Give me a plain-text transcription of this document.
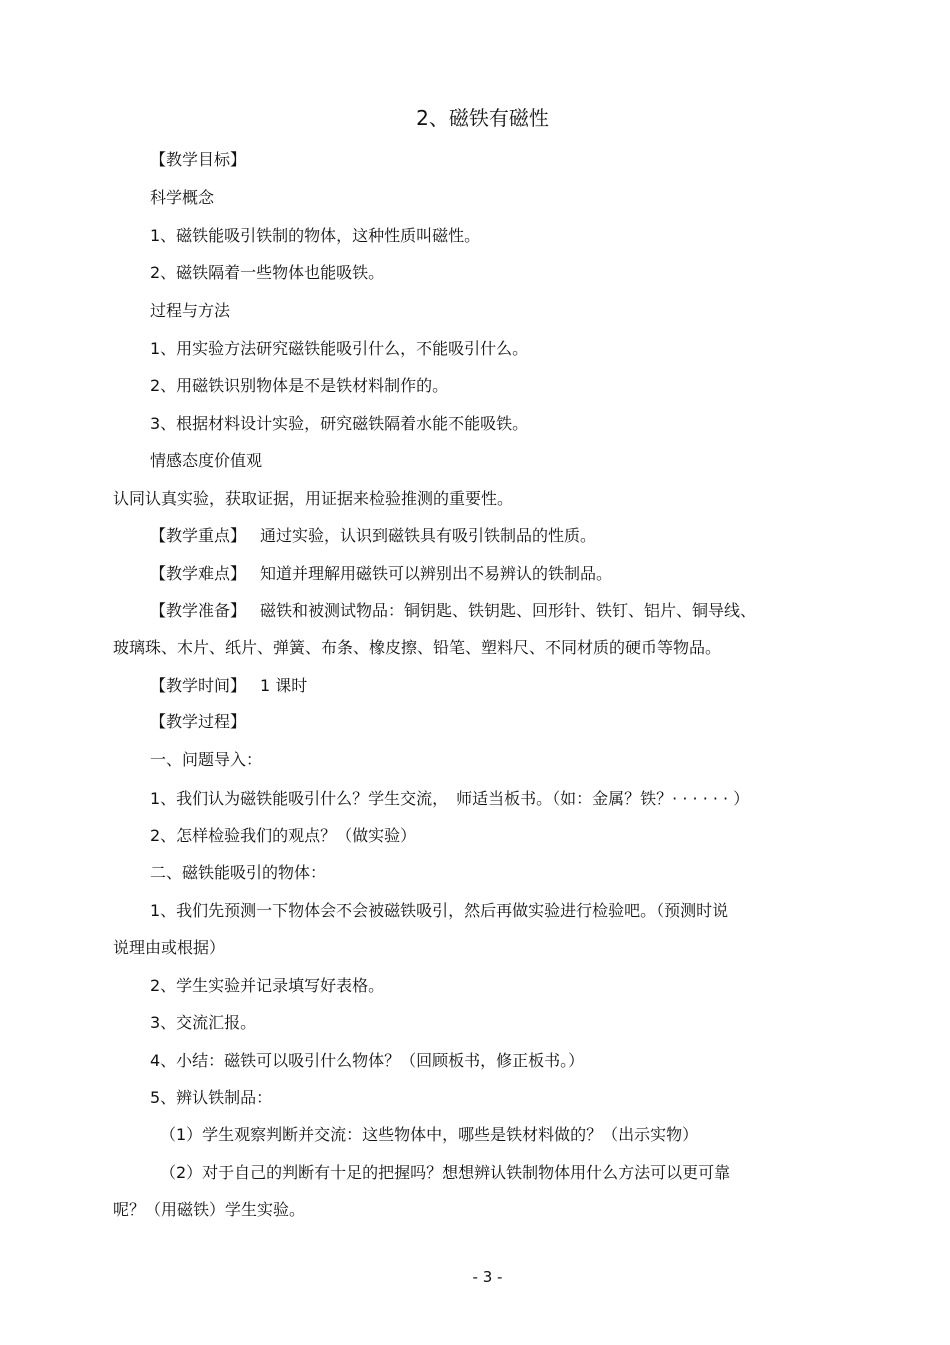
2、磁铁有磁性
【教学目标】
科学概念
1、磁铁能吸引铁制的物体，这种性质叫磁性。
2、磁铁隔着一些物体也能吸铁。
过程与方法
1、用实验方法研究磁铁能吸引什么，不能吸引什么。
2、用磁铁识别物体是不是铁材料制作的。
3、根据材料设计实验，研究磁铁隔着水能不能吸铁。
情感态度价值观
认同认真实验，获取证据，用证据来检验推测的重要性。
【教学重点】 通过实验，认识到磁铁具有吸引铁制品的性质。
【教学难点】 知道并理解用磁铁可以辨别出不易辨认的铁制品。
【教学准备】 磁铁和被测试物品：铜钥匙、铁钥匙、回形针、铁钉、铝片、铜导线、
玻璃珠、木片、纸片、弹簧、布条、橡皮擦、铅笔、塑料尺、不同材质的硬币等物品。
【教学时间】 1 课时
【教学过程】
一、问题导入：
1、我们认为磁铁能吸引什么？学生交流，　师适当板书。（如：金属？铁？· · · · · · ）
2、怎样检验我们的观点？（做实验）
二、磁铁能吸引的物体：
1、我们先预测一下物体会不会被磁铁吸引，然后再做实验进行检验吧。（预测时说
说理由或根据）
2、学生实验并记录填写好表格。
3、交流汇报。
4、小结：磁铁可以吸引什么物体？（回顾板书，修正板书。）
5、辨认铁制品：
（1）学生观察判断并交流：这些物体中，哪些是铁材料做的？（出示实物）
（2）对于自己的判断有十足的把握吗？想想辨认铁制物体用什么方法可以更可靠
呢？（用磁铁）学生实验。
- 3 -
